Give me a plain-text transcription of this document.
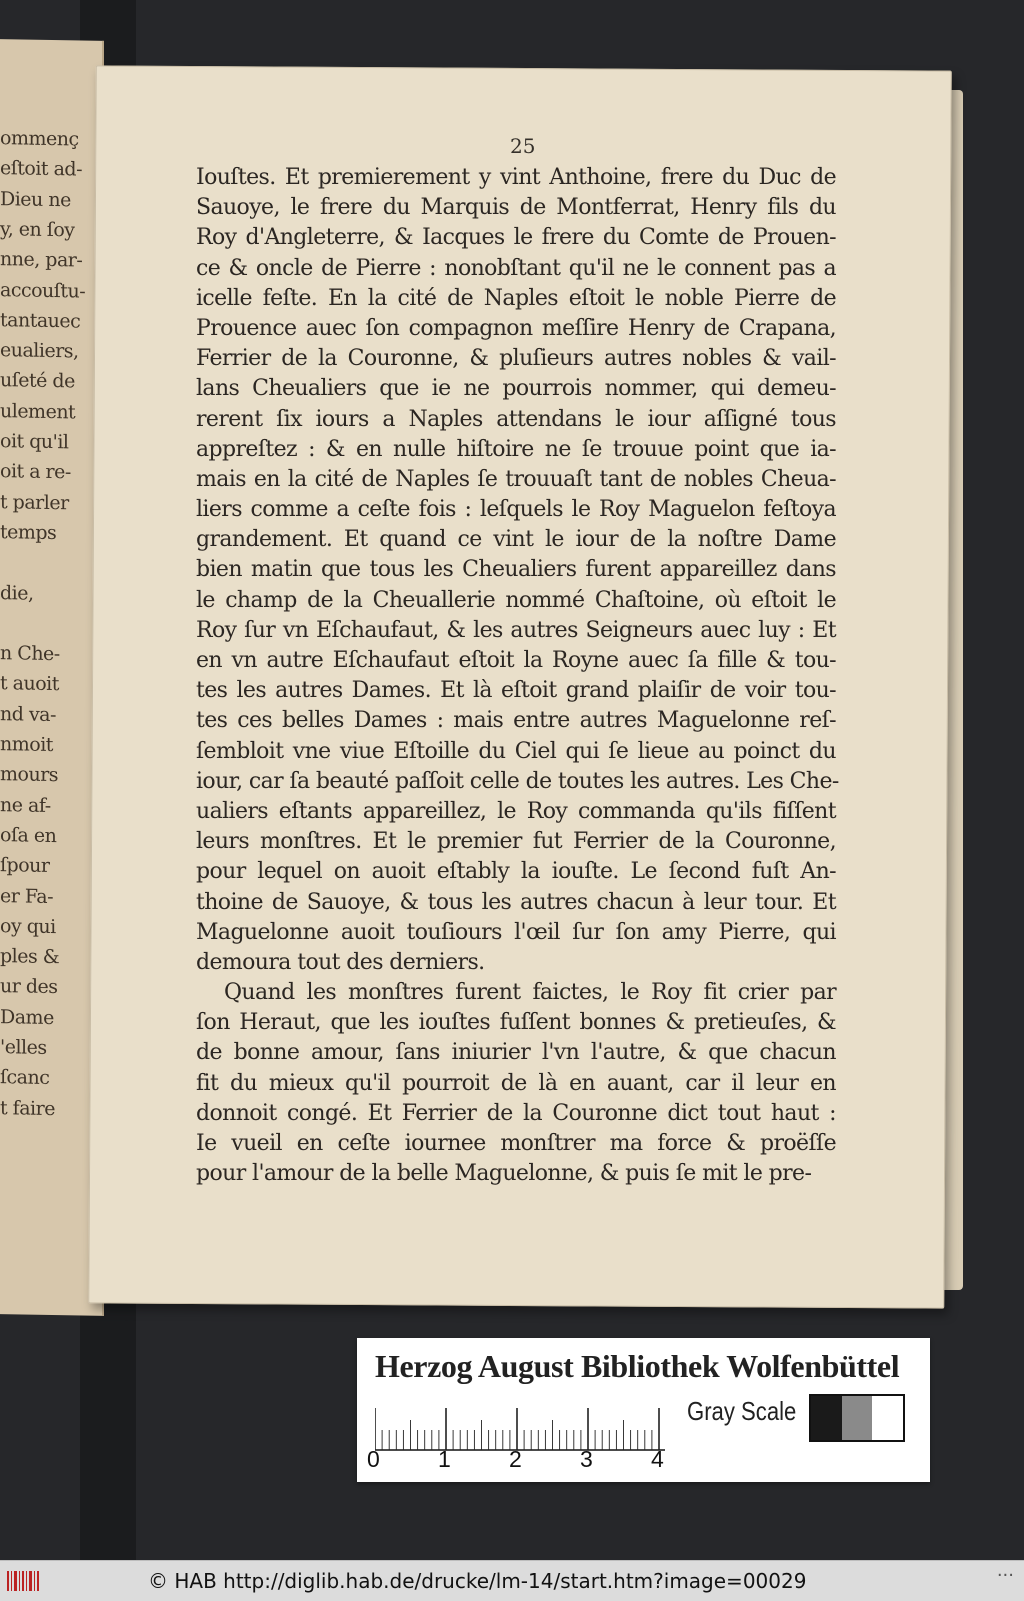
ommenç
eſtoit ad-
Dieu ne
y, en ſoy
nne, par-
accouſtu-
tantauec
eualiers,
uſeté de
ulement
oit qu'il
oit a re-
t parler
temps
die,
n Che-
t auoit
nd va-
nmoit
mours
ne af-
oſa en
ſpour
er Fa-
oy qui
ples &
ur des
Dame
'elles
ſcanc
t faire
25
Iouſtes. Et premierement y vint Anthoine, frere du Duc de
Sauoye, le frere du Marquis de Montferrat, Henry fils du
Roy d'Angleterre, & Iacques le frere du Comte de Prouen-
ce & oncle de Pierre : nonobſtant qu'il ne le connent pas a
icelle feſte. En la cité de Naples eſtoit le noble Pierre de
Prouence auec ſon compagnon meſſire Henry de Crapana,
Ferrier de la Couronne, & pluſieurs autres nobles & vail-
lans Cheualiers que ie ne pourrois nommer, qui demeu-
rerent ſix iours a Naples attendans le iour aſſigné tous
appreſtez : & en nulle hiſtoire ne ſe trouue point que ia-
mais en la cité de Naples ſe trouuaſt tant de nobles Cheua-
liers comme a ceſte fois : leſquels le Roy Maguelon feſtoya
grandement. Et quand ce vint le iour de la noſtre Dame
bien matin que tous les Cheualiers furent appareillez dans
le champ de la Cheuallerie nommé Chaſtoine, où eſtoit le
Roy ſur vn Eſchaufaut, & les autres Seigneurs auec luy : Et
en vn autre Eſchaufaut eſtoit la Royne auec ſa fille & tou-
tes les autres Dames. Et là eſtoit grand plaiſir de voir tou-
tes ces belles Dames : mais entre autres Maguelonne reſ-
ſembloit vne viue Eſtoille du Ciel qui ſe lieue au poinct du
iour, car ſa beauté paſſoit celle de toutes les autres. Les Che-
ualiers eſtants appareillez, le Roy commanda qu'ils fiſſent
leurs monſtres. Et le premier fut Ferrier de la Couronne,
pour lequel on auoit eſtably la iouſte. Le ſecond fuſt An-
thoine de Sauoye, & tous les autres chacun à leur tour. Et
Maguelonne auoit touſiours l'œil ſur ſon amy Pierre, qui
demoura tout des derniers.
Quand les monſtres furent faictes, le Roy fit crier par
ſon Heraut, que les iouſtes fuſſent bonnes & pretieuſes, &
de bonne amour, ſans iniurier l'vn l'autre, & que chacun
fit du mieux qu'il pourroit de là en auant, car il leur en
donnoit congé. Et Ferrier de la Couronne dict tout haut :
Ie vueil en ceſte iournee monſtrer ma force & proëſſe
pour l'amour de la belle Maguelonne, & puis ſe mit le pre-
Herzog August Bibliothek Wolfenbüttel
0	1	2	3	4
Gray Scale
© HAB http://diglib.hab.de/drucke/lm-14/start.htm?image=00029	···
